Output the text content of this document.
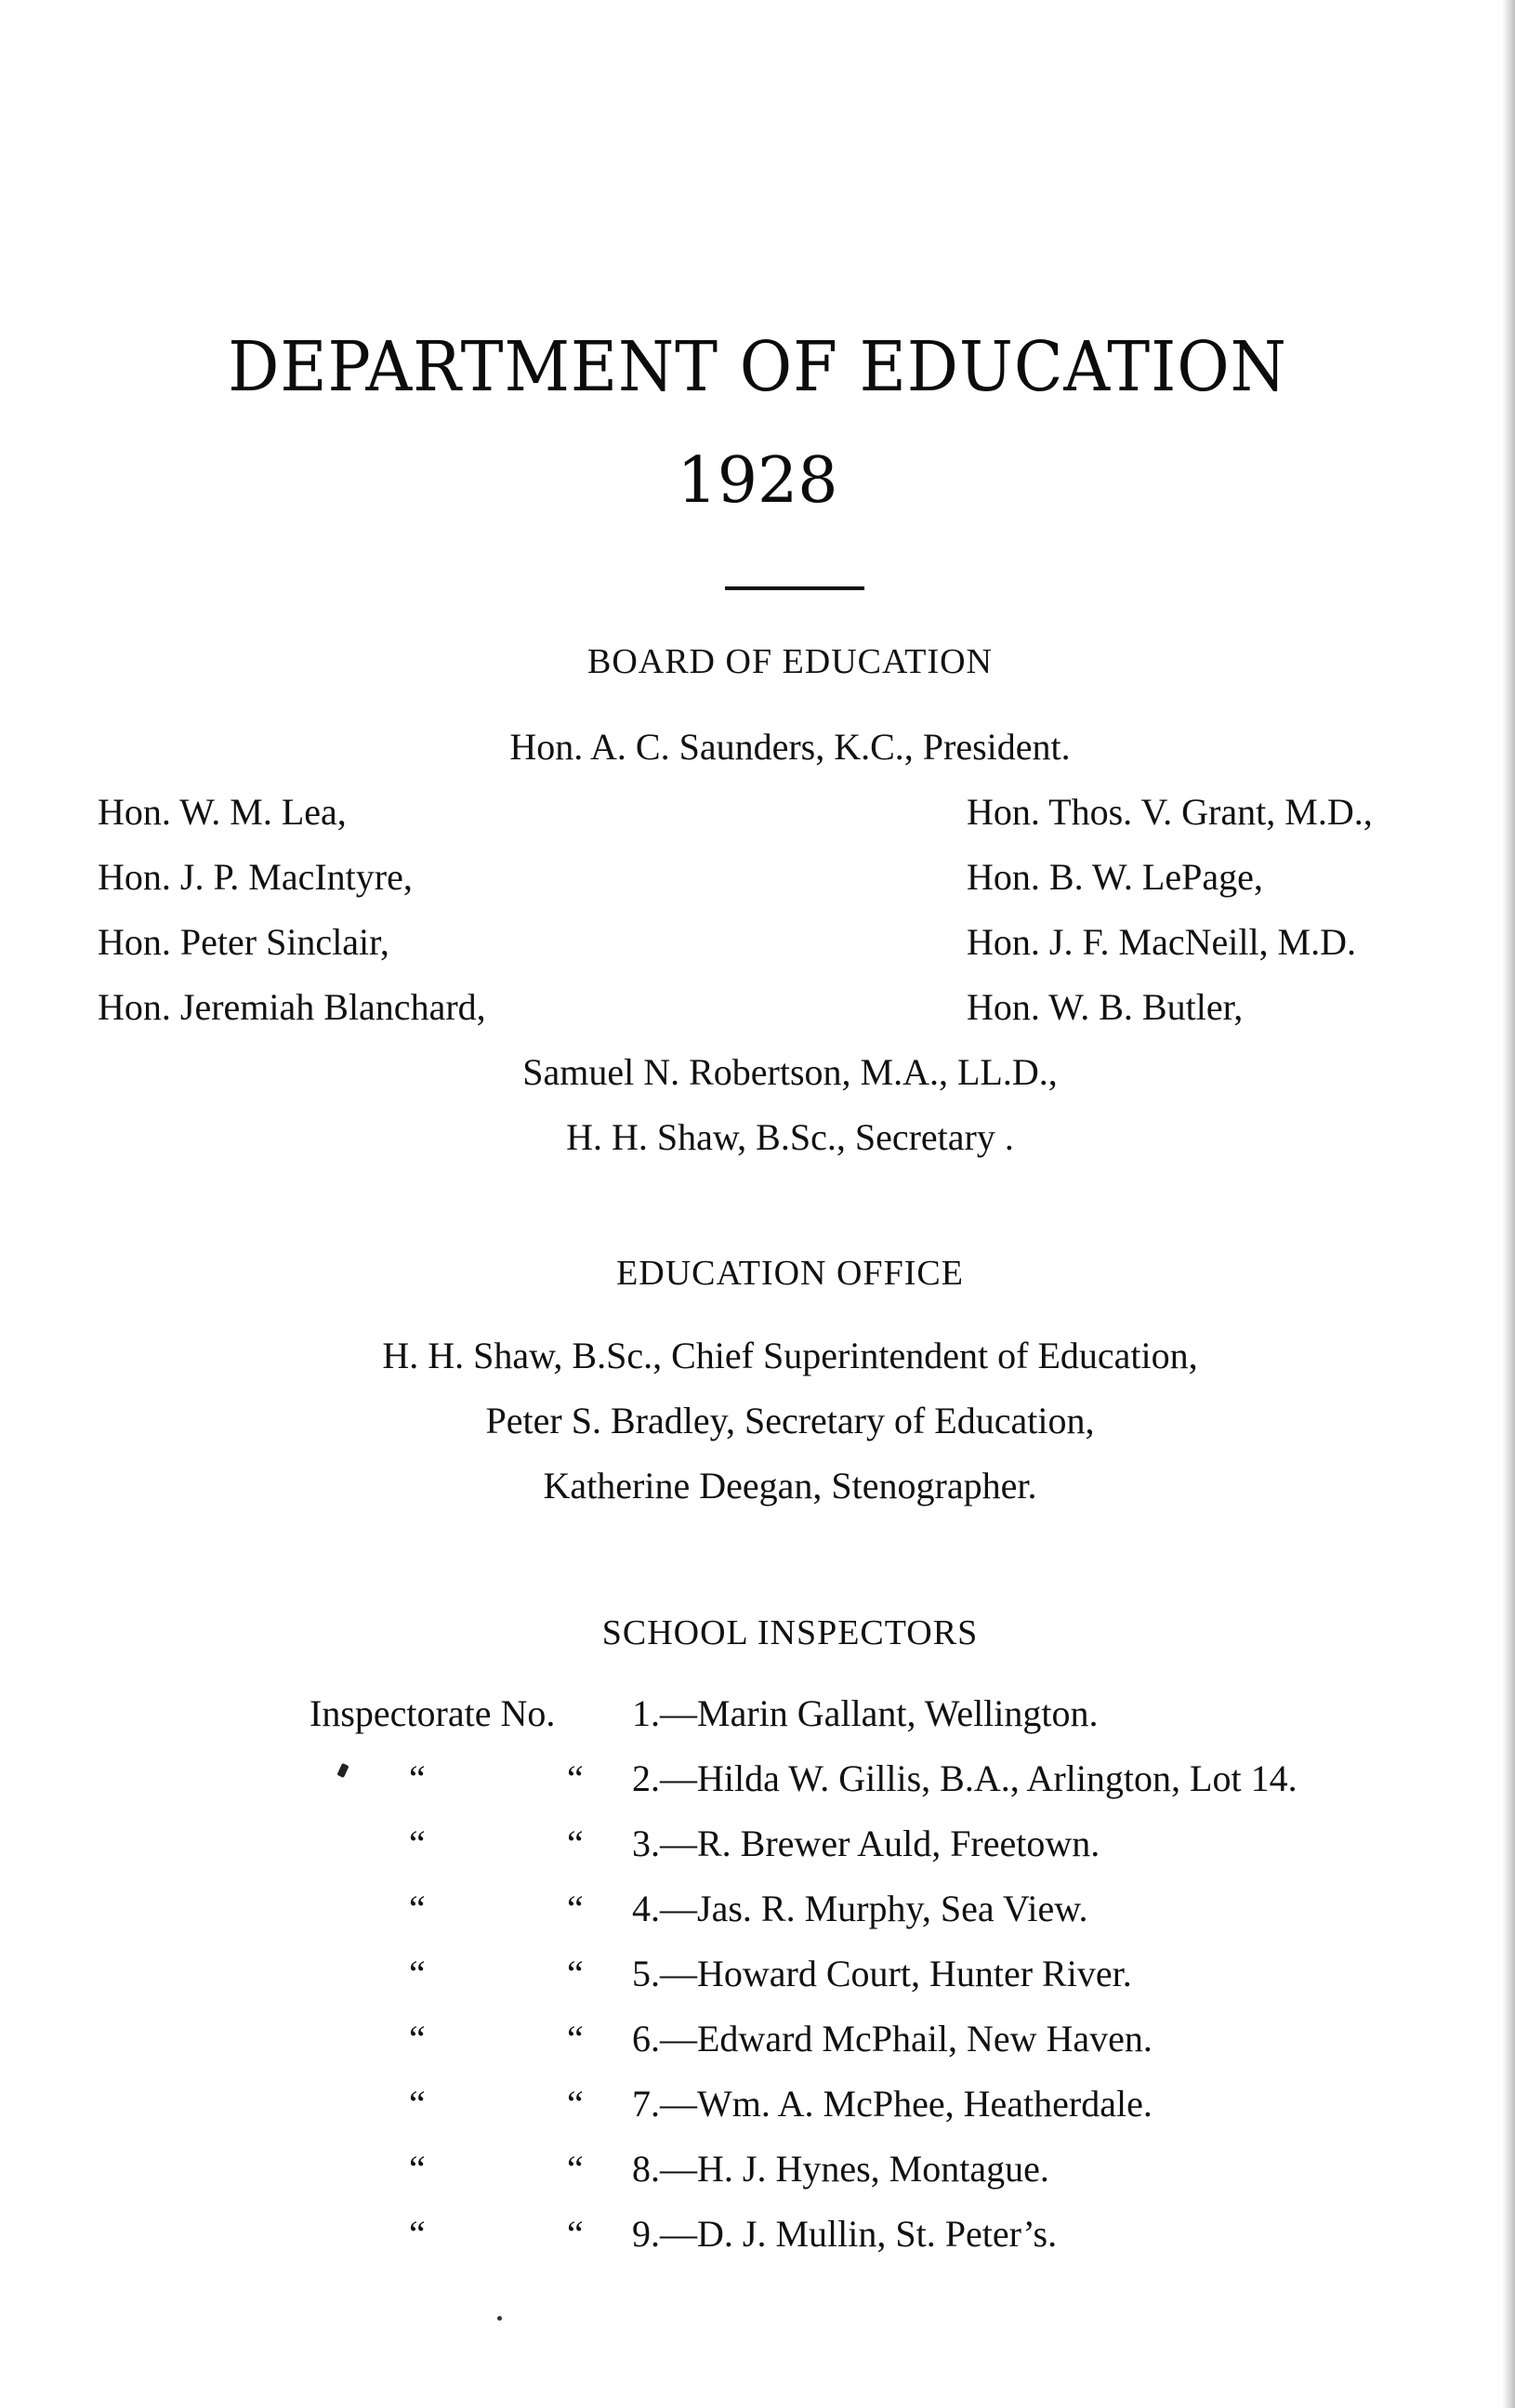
DEPARTMENT OF EDUCATION
1928
BOARD OF EDUCATION
Hon. A. C. Saunders, K.C., President.
Hon. W. M. Lea,	Hon. Thos. V. Grant, M.D.,
Hon. J. P. MacIntyre,	Hon. B. W. LePage,
Hon. Peter Sinclair,	Hon. J. F. MacNeill, M.D.
Hon. Jeremiah Blanchard,	Hon. W. B. Butler,
Samuel N. Robertson, M.A., LL.D.,
H. H. Shaw, B.Sc., Secretary .
EDUCATION OFFICE
H. H. Shaw, B.Sc., Chief Superintendent of Education,
Peter S. Bradley, Secretary of Education,
Katherine Deegan, Stenographer.
SCHOOL INSPECTORS
Inspectorate No. 1.—Marin Gallant, Wellington.
“	“ 2.—Hilda W. Gillis, B.A., Arlington, Lot 14.
“	“ 3.—R. Brewer Auld, Freetown.
“	“ 4.—Jas. R. Murphy, Sea View.
“	“ 5.—Howard Court, Hunter River.
“	“ 6.—Edward McPhail, New Haven.
“	“ 7.—Wm. A. McPhee, Heatherdale.
“	“ 8.—H. J. Hynes, Montague.
“	“ 9.—D. J. Mullin, St. Peter’s.
